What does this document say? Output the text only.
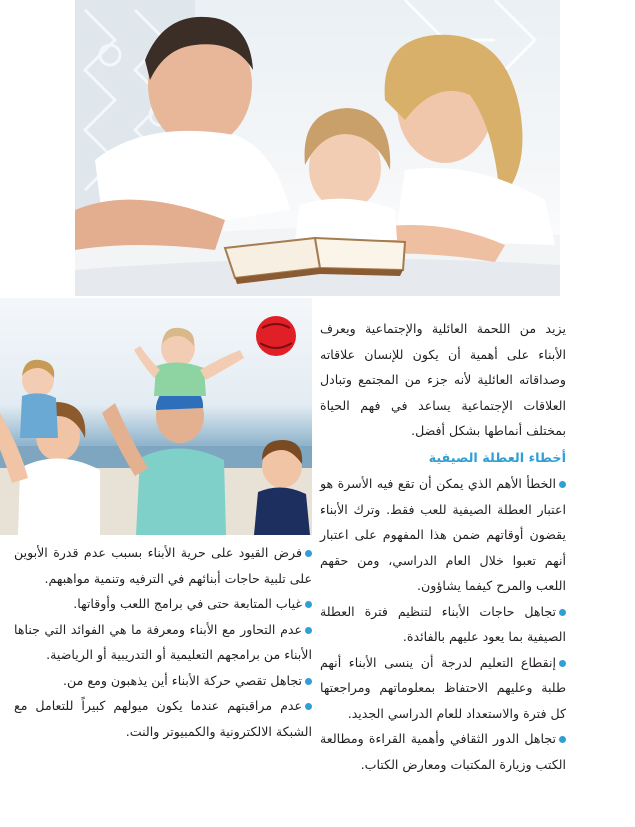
يزيد من اللحمة العائلية والإجتماعية ويعرف الأبناء على أهمية أن يكون للإنسان علاقاته وصداقاته العائلية لأنه جزء من المجتمع وتبادل العلاقات الإجتماعية يساعد في فهم الحياة بمختلف أنماطها بشكل أفضل.

أخطاء العطلة الصيفية

الخطأ الأهم الذي يمكن أن تقع فيه الأسرة هو اعتبار العطلة الصيفية للعب فقط. وترك الأبناء يقضون أوقاتهم ضمن هذا المفهوم على اعتبار أنهم تعبوا خلال العام الدراسي، ومن حقهم اللعب والمرح كيفما يشاؤون.

تجاهل حاجات الأبناء لتنظيم فترة العطلة الصيفية بما يعود عليهم بالفائدة.

إنقطاع التعليم لدرجة أن ينسى الأبناء أنهم طلبة وعليهم الاحتفاظ بمعلوماتهم ومراجعتها كل فترة والاستعداد للعام الدراسي الجديد.

تجاهل الدور الثقافي وأهمية القراءة ومطالعة الكتب وزيارة المكتبات ومعارض الكتاب.

فرض القيود على حرية الأبناء بسبب عدم قدرة الأبوين على تلبية حاجات أبنائهم في الترفيه وتنمية مواهبهم.

غياب المتابعة حتى في برامج اللعب وأوقاتها.

عدم التحاور مع الأبناء ومعرفة ما هي الفوائد التي جناها الأبناء من برامجهم التعليمية أو التدريبية أو الرياضية.

تجاهل تقصي حركة الأبناء أين يذهبون ومع من.

عدم مراقبتهم عندما يكون ميولهم كبيراً للتعامل مع الشبكة الالكترونية والكمبيوتر والنت.
